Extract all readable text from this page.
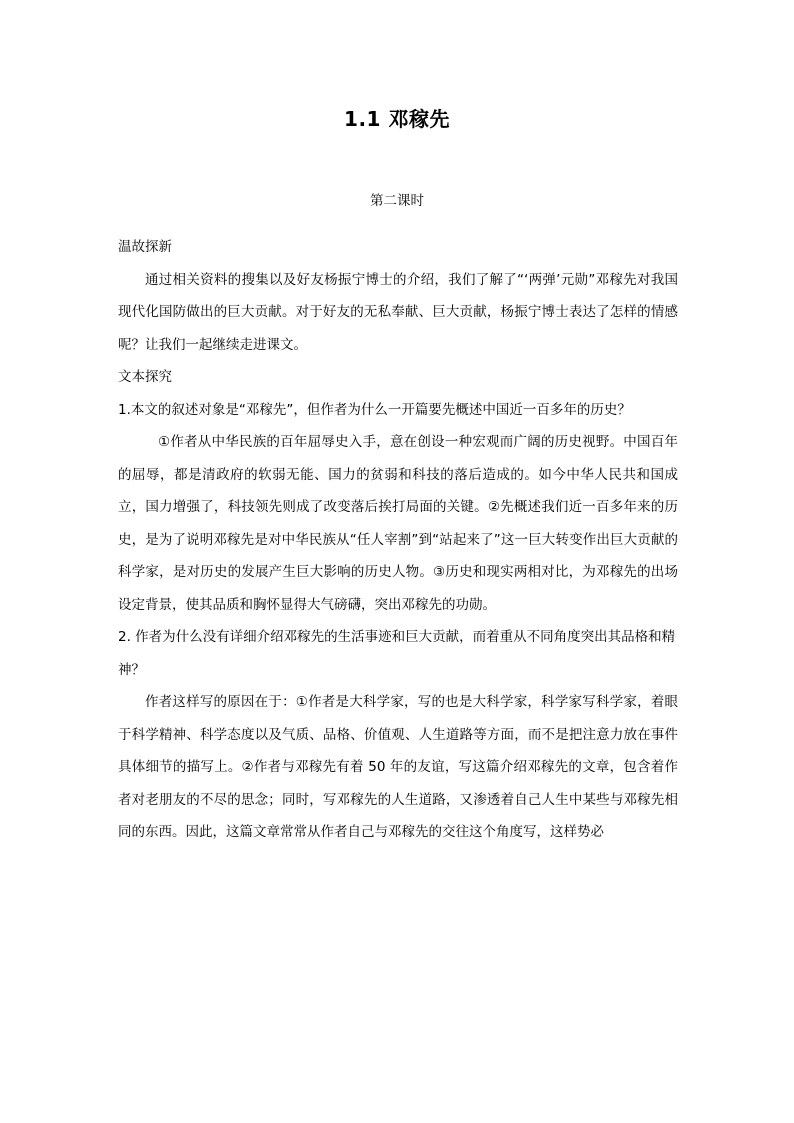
1.1 邓稼先
第二课时

温故探新

通过相关资料的搜集以及好友杨振宁博士的介绍，我们了解了“‘两弹’元勋”邓稼先对我国现代化国防做出的巨大贡献。对于好友的无私奉献、巨大贡献，杨振宁博士表达了怎样的情感呢？让我们一起继续走进课文。

文本探究

1.本文的叙述对象是“邓稼先”，但作者为什么一开篇要先概述中国近一百多年的历史？

①作者从中华民族的百年屈辱史入手，意在创设一种宏观而广阔的历史视野。中国百年的屈辱，都是清政府的软弱无能、国力的贫弱和科技的落后造成的。如今中华人民共和国成立，国力增强了，科技领先则成了改变落后挨打局面的关键。②先概述我们近一百多年来的历史，是为了说明邓稼先是对中华民族从“任人宰割”到“站起来了”这一巨大转变作出巨大贡献的科学家，是对历史的发展产生巨大影响的历史人物。③历史和现实两相对比，为邓稼先的出场设定背景，使其品质和胸怀显得大气磅礴，突出邓稼先的功勋。

2. 作者为什么没有详细介绍邓稼先的生活事迹和巨大贡献，而着重从不同角度突出其品格和精神？

作者这样写的原因在于：①作者是大科学家，写的也是大科学家，科学家写科学家，着眼于科学精神、科学态度以及气质、品格、价值观、人生道路等方面，而不是把注意力放在事件具体细节的描写上。②作者与邓稼先有着 50 年的友谊，写这篇介绍邓稼先的文章，包含着作者对老朋友的不尽的思念；同时，写邓稼先的人生道路，又渗透着自己人生中某些与邓稼先相同的东西。因此，这篇文章常常从作者自己与邓稼先的交往这个角度写，这样势必
